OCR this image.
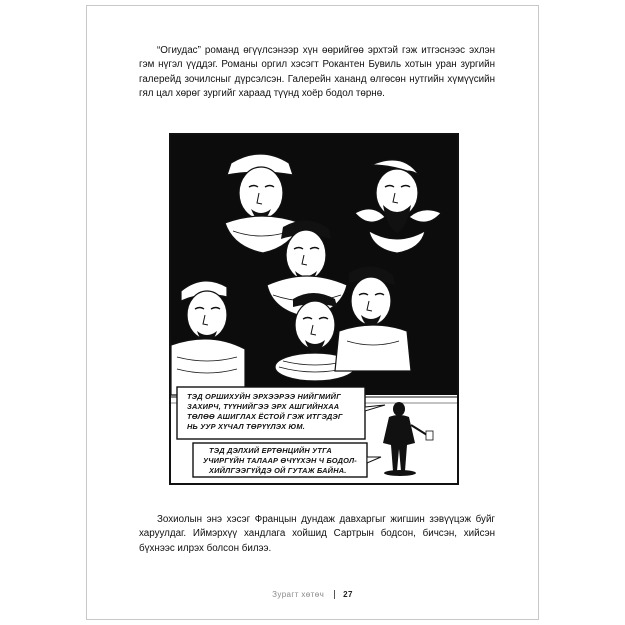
“Огиудас” романд өгүүлсэнээр хүн өөрийгөө эрхтэй гэж итгэснээс эхлэн гэм нүгэл үүддэг. Романы оргил хэсэгт Рокантен Бувиль хотын уран зургийн галерейд зочилсныг дүрсэлсэн. Галерейн хананд өлгөсөн нутгийн хүмүүсийн гял цал хөрөг зургийг хараад түүнд хоёр бодол төрнө.

ТЭД ОРШИХУЙН ЭРХЭЭРЭЭ НИЙГМИЙГ
ЗАХИРЧ, ТҮҮНИЙГЭЭ ЭРХ АШГИЙНХАА
ТӨЛӨӨ АШИГЛАХ ЁСТОЙ ГЭЖ ИТГЭДЭГ
НЬ УУР ХҮЧАЛ ТӨРҮҮЛЭХ ЮМ.
ТЭД ДЭЛХИЙ ЕРТӨНЦИЙН УТГА
УЧИРГҮЙН ТАЛААР ӨЧҮҮХЭН Ч БОДОЛ-
ХИЙЛГЭЭГҮЙДЭ ОЙ ГУТАЖ БАЙНА.

Зохиолын энэ хэсэг Францын дундаж давхаргыг жигшин зэвүүцэж буйг харуулдаг. Иймэрхүү хандлага хойшид Сартрын бодсон, бичсэн, хийсэн бүхнээс илрэх болсон билээ.

Зурагт хөтөч 27
